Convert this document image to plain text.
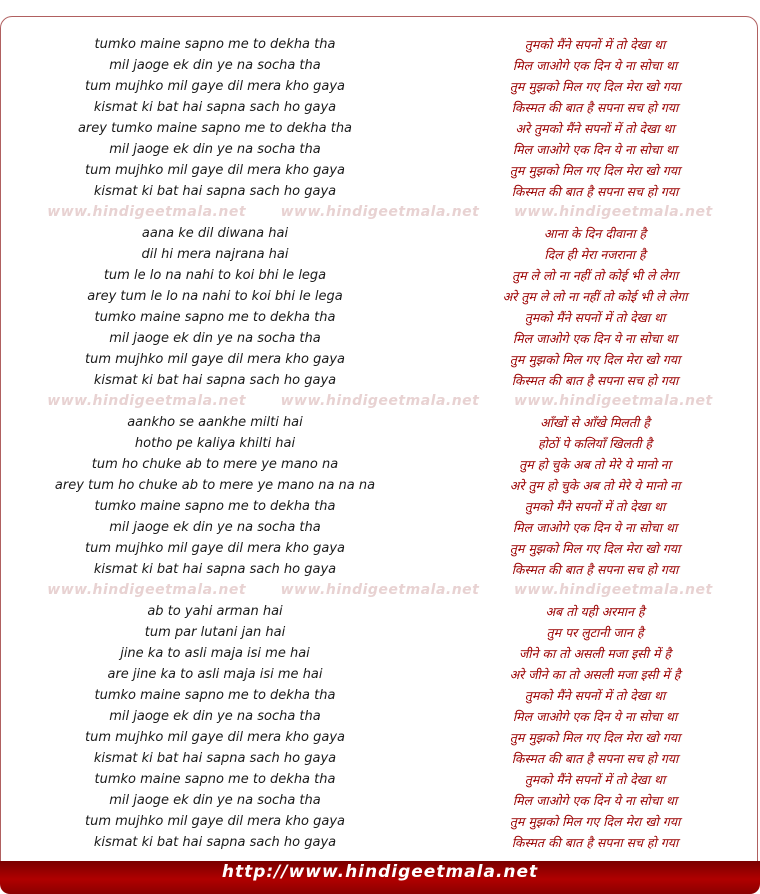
tumko maine sapno me to dekha tha	तुमको मैंने सपनों में तो देखा था
mil jaoge ek din ye na socha tha	मिल जाओगे एक दिन ये ना सोचा था
tum mujhko mil gaye dil mera kho gaya	तुम मुझको मिल गए दिल मेरा खो गया
kismat ki bat hai sapna sach ho gaya	किस्मत की बात है सपना सच हो गया
arey tumko maine sapno me to dekha tha	अरे तुमको मैंने सपनों में तो देखा था
mil jaoge ek din ye na socha tha	मिल जाओगे एक दिन ये ना सोचा था
tum mujhko mil gaye dil mera kho gaya	तुम मुझको मिल गए दिल मेरा खो गया
kismat ki bat hai sapna sach ho gaya	किस्मत की बात है सपना सच हो गया
www.hindigeetmala.net www.hindigeetmala.net www.hindigeetmala.net
aana ke dil diwana hai	आना के दिन दीवाना है
dil hi mera najrana hai	दिल ही मेरा नजराना है
tum le lo na nahi to koi bhi le lega	तुम ले लो ना नहीं तो कोई भी ले लेगा
arey tum le lo na nahi to koi bhi le lega	अरे तुम ले लो ना नहीं तो कोई भी ले लेगा
tumko maine sapno me to dekha tha	तुमको मैंने सपनों में तो देखा था
mil jaoge ek din ye na socha tha	मिल जाओगे एक दिन ये ना सोचा था
tum mujhko mil gaye dil mera kho gaya	तुम मुझको मिल गए दिल मेरा खो गया
kismat ki bat hai sapna sach ho gaya	किस्मत की बात है सपना सच हो गया
www.hindigeetmala.net www.hindigeetmala.net www.hindigeetmala.net
aankho se aankhe milti hai	आँखों से आँखे मिलती है
hotho pe kaliya khilti hai	होठों पे कलियाँ खिलती है
tum ho chuke ab to mere ye mano na	तुम हो चुके अब तो मेरे ये मानो ना
arey tum ho chuke ab to mere ye mano na na na	अरे तुम हो चुके अब तो मेरे ये मानो ना
tumko maine sapno me to dekha tha	तुमको मैंने सपनों में तो देखा था
mil jaoge ek din ye na socha tha	मिल जाओगे एक दिन ये ना सोचा था
tum mujhko mil gaye dil mera kho gaya	तुम मुझको मिल गए दिल मेरा खो गया
kismat ki bat hai sapna sach ho gaya	किस्मत की बात है सपना सच हो गया
www.hindigeetmala.net www.hindigeetmala.net www.hindigeetmala.net
ab to yahi arman hai	अब तो यही अरमान है
tum par lutani jan hai	तुम पर लुटानी जान है
jine ka to asli maja isi me hai	जीने का तो असली मजा इसी में है
are jine ka to asli maja isi me hai	अरे जीने का तो असली मजा इसी में है
tumko maine sapno me to dekha tha	तुमको मैंने सपनों में तो देखा था
mil jaoge ek din ye na socha tha	मिल जाओगे एक दिन ये ना सोचा था
tum mujhko mil gaye dil mera kho gaya	तुम मुझको मिल गए दिल मेरा खो गया
kismat ki bat hai sapna sach ho gaya	किस्मत की बात है सपना सच हो गया
tumko maine sapno me to dekha tha	तुमको मैंने सपनों में तो देखा था
mil jaoge ek din ye na socha tha	मिल जाओगे एक दिन ये ना सोचा था
tum mujhko mil gaye dil mera kho gaya	तुम मुझको मिल गए दिल मेरा खो गया
kismat ki bat hai sapna sach ho gaya	किस्मत की बात है सपना सच हो गया
http://www.hindigeetmala.net
